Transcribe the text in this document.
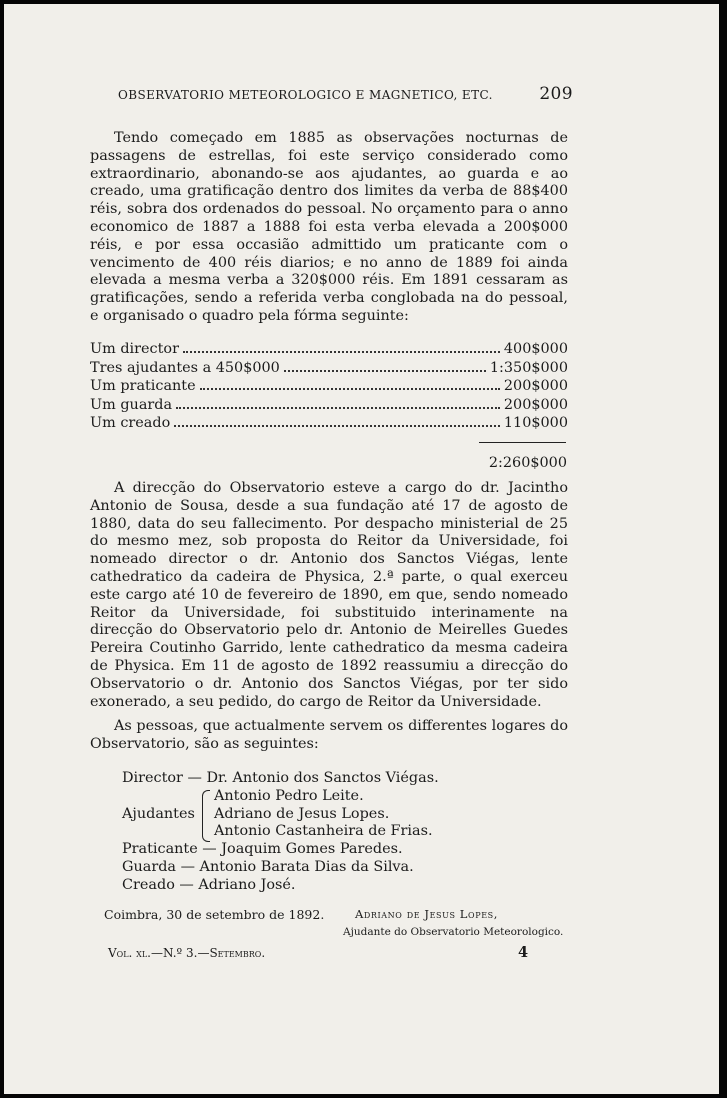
OBSERVATORIO METEOROLOGICO E MAGNETICO, ETC.	209

Tendo começado em 1885 as observações nocturnas de passagens de estrellas, foi este serviço considerado como extraordinario, abonando-se aos ajudantes, ao guarda e ao creado, uma gratificação dentro dos limites da verba de 88$400 réis, sobra dos ordenados do pessoal. No orçamento para o anno economico de 1887 a 1888 foi esta verba elevada a 200$000 réis, e por essa occasião admittido um praticante com o vencimento de 400 réis diarios; e no anno de 1889 foi ainda elevada a mesma verba a 320$000 réis. Em 1891 cessaram as gratificações, sendo a referida verba conglobada na do pessoal, e organisado o quadro pela fórma seguinte:

Um director	400$000
Tres ajudantes a 450$000	1:350$000
Um praticante	200$000
Um guarda	200$000
Um creado	110$000
2:260$000

A direcção do Observatorio esteve a cargo do dr. Jacintho Antonio de Sousa, desde a sua fundação até 17 de agosto de 1880, data do seu fallecimento. Por despacho ministerial de 25 do mesmo mez, sob proposta do Reitor da Universidade, foi nomeado director o dr. Antonio dos Sanctos Viégas, lente cathedratico da cadeira de Physica, 2.ª parte, o qual exerceu este cargo até 10 de fevereiro de 1890, em que, sendo nomeado Reitor da Universidade, foi substituido interinamente na direcção do Observatorio pelo dr. Antonio de Meirelles Guedes Pereira Coutinho Garrido, lente cathedratico da mesma cadeira de Physica. Em 11 de agosto de 1892 reassumiu a direcção do Observatorio o dr. Antonio dos Sanctos Viégas, por ter sido exonerado, a seu pedido, do cargo de Reitor da Universidade.

As pessoas, que actualmente servem os differentes logares do Observatorio, são as seguintes:

Director — Dr. Antonio dos Sanctos Viégas.
Ajudantes
Antonio Pedro Leite.
Adriano de Jesus Lopes.
Antonio Castanheira de Frias.
Praticante — Joaquim Gomes Paredes.
Guarda — Antonio Barata Dias da Silva.
Creado — Adriano José.
Coimbra, 30 de setembro de 1892.	Adriano de Jesus Lopes,
Ajudante do Observatorio Meteorologico.
Vol. xl.—N.º 3.—Setembro.	4
